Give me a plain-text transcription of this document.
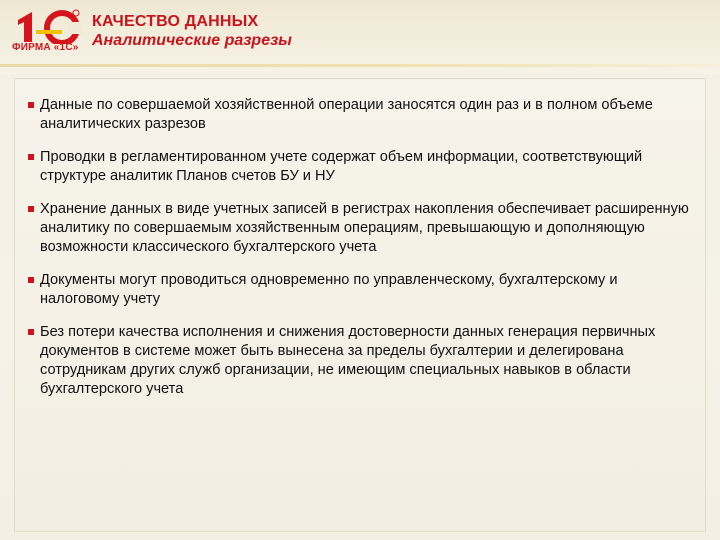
ФИРМА «1С»
КАЧЕСТВО ДАННЫХ
Аналитические разрезы
Данные по совершаемой хозяйственной операции заносятся один раз и в полном объеме аналитических разрезов
Проводки в регламентированном учете содержат объем информации, соответствующий структуре аналитик Планов счетов БУ и НУ
Хранение данных в виде учетных записей в регистрах накопления обеспечивает расширенную аналитику по совершаемым хозяйственным операциям, превышающую и дополняющую возможности классического бухгалтерского учета
Документы могут проводиться одновременно по управленческому, бухгалтерскому и налоговому учету
Без потери качества исполнения и снижения достоверности данных генерация первичных документов в системе может быть вынесена за пределы бухгалтерии и делегирована сотрудникам других служб организации, не имеющим специальных навыков в области бухгалтерского учета
